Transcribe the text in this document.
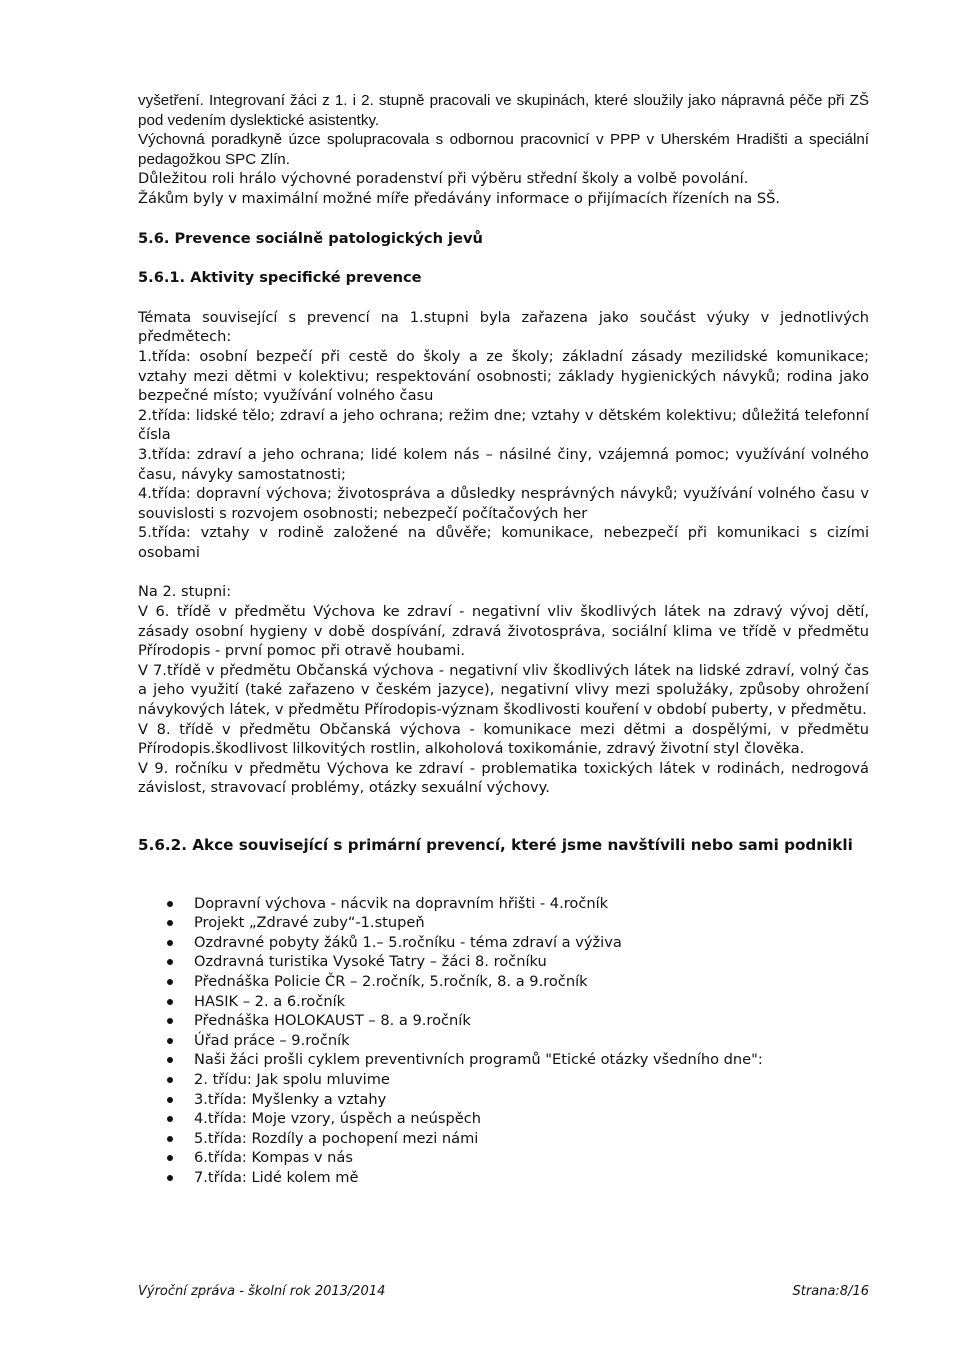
vyšetření. Integrovaní žáci z 1. i 2. stupně pracovali ve skupinách, které sloužily jako nápravná péče při ZŠ pod vedením dyslektické asistentky.

Výchovná poradkyně úzce spolupracovala s odbornou pracovnicí v PPP v Uherském Hradišti a speciální pedagožkou SPC Zlín.

Důležitou roli hrálo výchovné poradenství při výběru střední školy a volbě povolání.

Žákům byly v maximální možné míře předávány informace o přijímacích řízeních na SŠ.

5.6. Prevence sociálně patologických jevů

5.6.1. Aktivity specifické prevence

Témata související s prevencí na 1.stupni byla zařazena jako součást výuky v jednotlivých předmětech:

1.třída: osobní bezpečí při cestě do školy a ze školy; základní zásady mezilidské komunikace; vztahy mezi dětmi v kolektivu; respektování osobnosti; základy hygienických návyků; rodina jako bezpečné místo; využívání volného času

2.třída: lidské tělo; zdraví a jeho ochrana; režim dne; vztahy v dětském kolektivu; důležitá telefonní čísla

3.třída: zdraví a jeho ochrana; lidé kolem nás – násilné činy, vzájemná pomoc; využívání volného času, návyky samostatnosti;

4.třída: dopravní výchova; životospráva a důsledky nesprávných návyků; využívání volného času v souvislosti s rozvojem osobnosti; nebezpečí počítačových her

5.třída: vztahy v rodině založené na důvěře; komunikace, nebezpečí při komunikaci s cizími osobami

Na 2. stupni:

V 6. třídě v předmětu Výchova ke zdraví - negativní vliv škodlivých látek na zdravý vývoj dětí, zásady osobní hygieny v době dospívání, zdravá životospráva, sociální klima ve třídě v předmětu Přírodopis - první pomoc při otravě houbami.

V 7.třídě v předmětu Občanská výchova - negativní vliv škodlivých látek na lidské zdraví, volný čas a jeho využití (také zařazeno v českém jazyce), negativní vlivy mezi spolužáky, způsoby ohrožení návykových látek, v předmětu Přírodopis-význam škodlivosti kouření v období puberty, v předmětu.

V 8. třídě v předmětu Občanská výchova - komunikace mezi dětmi a dospělými, v předmětu Přírodopis.škodlivost lilkovitých rostlin, alkoholová toxikománie, zdravý životní styl člověka.

V 9. ročníku v předmětu Výchova ke zdraví - problematika toxických látek v rodinách, nedrogová závislost, stravovací problémy, otázky sexuální výchovy.

5.6.2. Akce související s primární prevencí, které jsme navštívili nebo sami podnikli

Dopravní výchova - nácvik na dopravním hřišti - 4.ročník
Projekt „Zdravé zuby“-1.stupeň
Ozdravné pobyty žáků 1.– 5.ročníku - téma zdraví a výživa
Ozdravná turistika Vysoké Tatry – žáci 8. ročníku
Přednáška Policie ČR – 2.ročník, 5.ročník, 8. a 9.ročník
HASIK – 2. a 6.ročník
Přednáška HOLOKAUST – 8. a 9.ročník
Úřad práce – 9.ročník
Naši žáci prošli cyklem preventivních programů "Etické otázky všedního dne":
2. třídu: Jak spolu mluvime
3.třída: Myšlenky a vztahy
4.třída: Moje vzory, úspěch a neúspěch
5.třída: Rozdíly a pochopení mezi námi
6.třída: Kompas v nás
7.třída: Lidé kolem mě
Výroční zpráva - školní rok 2013/2014	Strana:8/16
